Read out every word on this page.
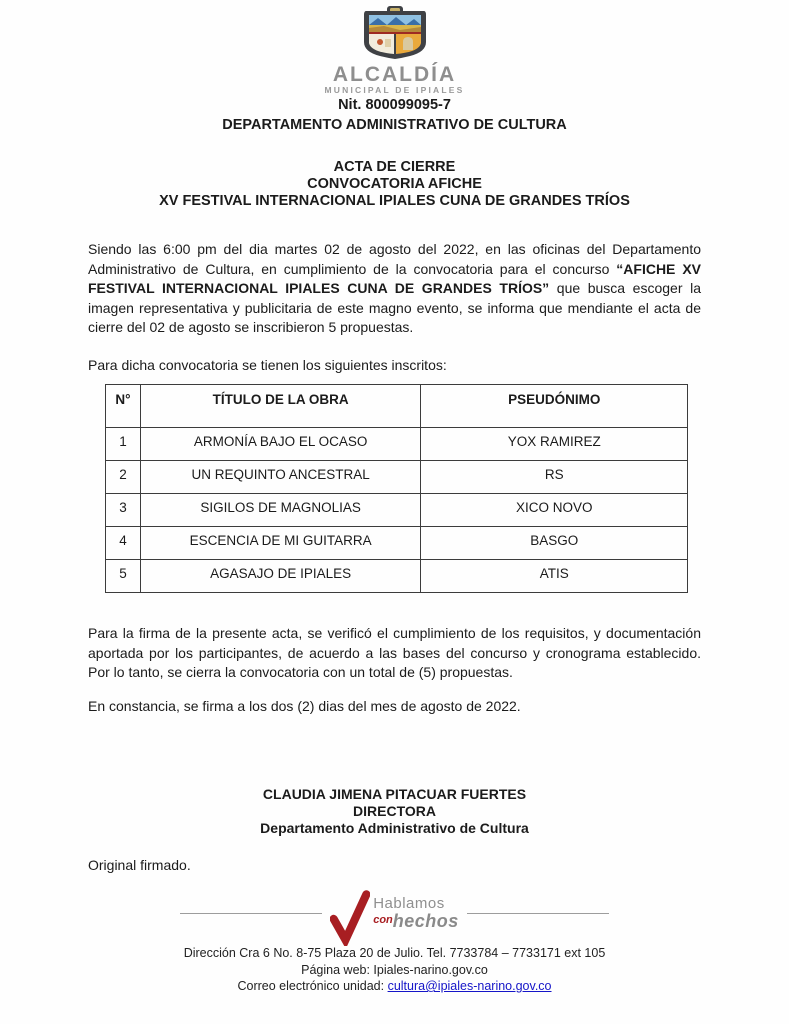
ALCALDÍA
MUNICIPAL DE IPIALES
Nit. 800099095-7
DEPARTAMENTO ADMINISTRATIVO DE CULTURA
ACTA DE CIERRE
CONVOCATORIA AFICHE
XV FESTIVAL INTERNACIONAL IPIALES CUNA DE GRANDES TRÍOS

Siendo las 6:00 pm del dia martes 02 de agosto del 2022, en las oficinas del Departamento Administrativo de Cultura, en cumplimiento de la convocatoria para el concurso “AFICHE XV FESTIVAL INTERNACIONAL IPIALES CUNA DE GRANDES TRÍOS” que busca escoger la imagen representativa y publicitaria de este magno evento, se informa que mendiante el acta de cierre del 02 de agosto se inscribieron 5 propuestas.

Para dicha convocatoria se tienen los siguientes inscritos:

N°	TÍTULO DE LA OBRA	PSEUDÓNIMO
1	ARMONÍA BAJO EL OCASO	YOX RAMIREZ
2	UN REQUINTO ANCESTRAL	RS
3	SIGILOS DE MAGNOLIAS	XICO NOVO
4	ESCENCIA DE MI GUITARRA	BASGO
5	AGASAJO DE IPIALES	ATIS

Para la firma de la presente acta, se verificó el cumplimiento de los requisitos, y documentación aportada por los participantes, de acuerdo a las bases del concurso y cronograma establecido. Por lo tanto, se cierra la convocatoria con un total de (5) propuestas.

En constancia, se firma a los dos (2) dias del mes de agosto de 2022.

CLAUDIA JIMENA PITACUAR FUERTES
DIRECTORA
Departamento Administrativo de Cultura

Original firmado.

Hablamos
$^{con}$hechos
Dirección Cra 6 No. 8-75 Plaza 20 de Julio. Tel. 7733784 – 7733171 ext 105
Página web: Ipiales-narino.gov.co
Correo electrónico unidad: cultura@ipiales-narino.gov.co
